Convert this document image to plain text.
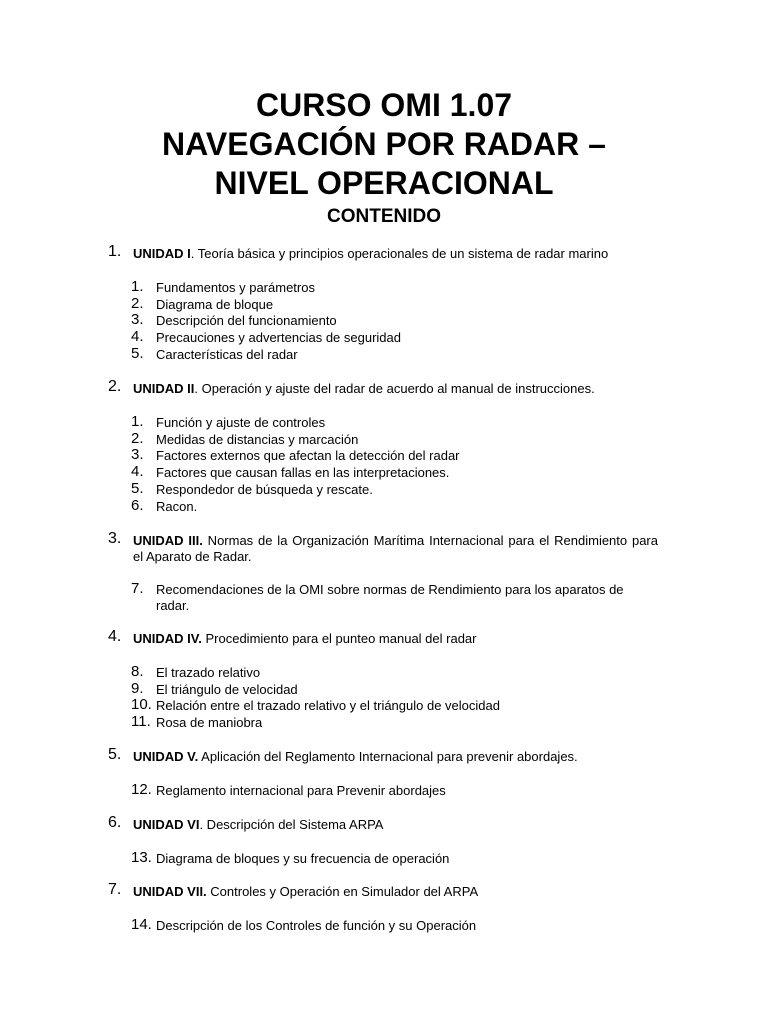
CURSO OMI 1.07
NAVEGACIÓN POR RADAR –
NIVEL OPERACIONAL
CONTENIDO
1. UNIDAD I. Teoría básica y principios operacionales de un sistema de radar marino
1. Fundamentos y parámetros
2. Diagrama de bloque
3. Descripción del funcionamiento
4. Precauciones y advertencias de seguridad
5. Características del radar
2. UNIDAD II. Operación y ajuste del radar de acuerdo al manual de instrucciones.
1. Función y ajuste de controles
2. Medidas de distancias y marcación
3. Factores externos que afectan la detección del radar
4. Factores que causan fallas en las interpretaciones.
5. Respondedor de búsqueda y rescate.
6. Racon.
3. UNIDAD III. Normas de la Organización Marítima Internacional para el Rendimiento para el Aparato de Radar.
7. Recomendaciones de la OMI sobre normas de Rendimiento para los aparatos de radar.
4. UNIDAD IV. Procedimiento para el punteo manual del radar
8. El trazado relativo
9. El triángulo de velocidad
10. Relación entre el trazado relativo y el triángulo de velocidad
11. Rosa de maniobra
5. UNIDAD V. Aplicación del Reglamento Internacional para prevenir abordajes.
12. Reglamento internacional para Prevenir abordajes
6. UNIDAD VI. Descripción del Sistema ARPA
13. Diagrama de bloques y su frecuencia de operación
7. UNIDAD VII. Controles y Operación en Simulador del ARPA
14. Descripción de los Controles de función y su Operación
